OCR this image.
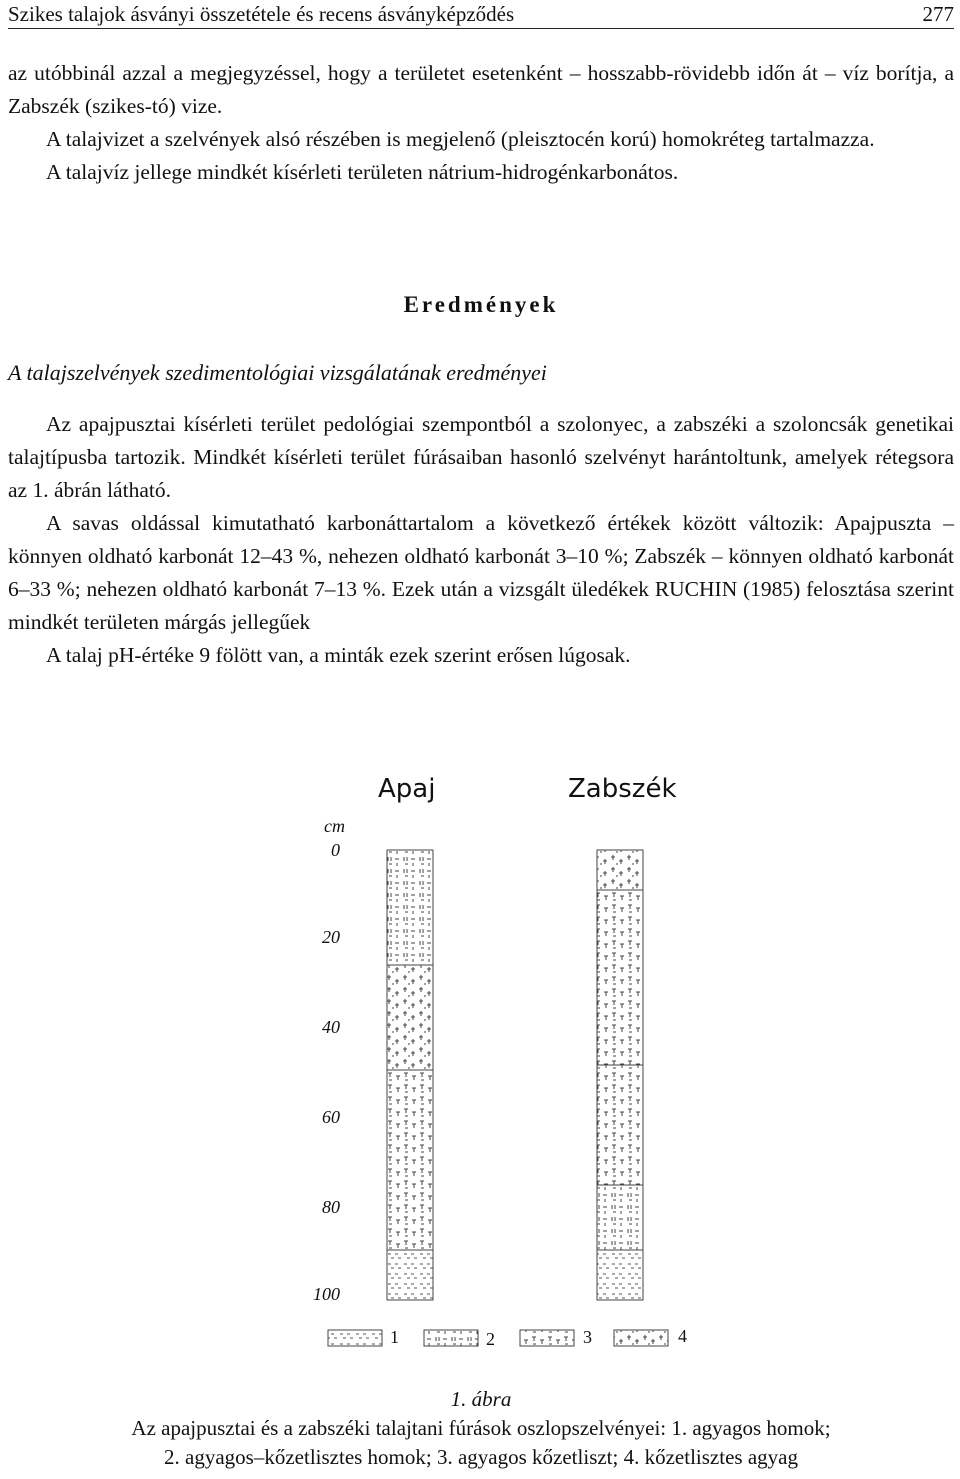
Szikes talajok ásványi összetétele és recens ásványképződés	277

az utóbbinál azzal a megjegyzéssel, hogy a területet esetenként – hosszabb-rövidebb időn át – víz borítja, a Zabszék (szikes-tó) vize.

A talajvizet a szelvények alsó részében is megjelenő (pleisztocén korú) homokréteg tartalmazza.

A talajvíz jellege mindkét kísérleti területen nátrium-hidrogénkarbonátos.

Eredmények

A talajszelvények szedimentológiai vizsgálatának eredményei

Az apajpusztai kísérleti terület pedológiai szempontból a szolonyec, a zabszéki a szoloncsák genetikai talajtípusba tartozik. Mindkét kísérleti terület fúrásaiban hasonló szelvényt harántoltunk, amelyek rétegsora az 1. ábrán látható.

A savas oldással kimutatható karbonáttartalom a következő értékek között változik: Apajpuszta – könnyen oldható karbonát 12–43 %, nehezen oldható karbonát 3–10 %; Zabszék – könnyen oldható karbonát 6–33 %; nehezen oldható karbonát 7–13 %. Ezek után a vizsgált üledékek RUCHIN (1985) felosztása szerint mindkét területen márgás jellegűek

A talaj pH-értéke 9 fölött van, a minták ezek szerint erősen lúgosak.

Apaj	Zabszék
cm
0
20
40
60
80
100
1	2	3	4
1. ábra
Az apajpusztai és a zabszéki talajtani fúrások oszlopszelvényei: 1. agyagos homok;
2. agyagos–kőzetlisztes homok; 3. agyagos kőzetliszt; 4. kőzetlisztes agyag
